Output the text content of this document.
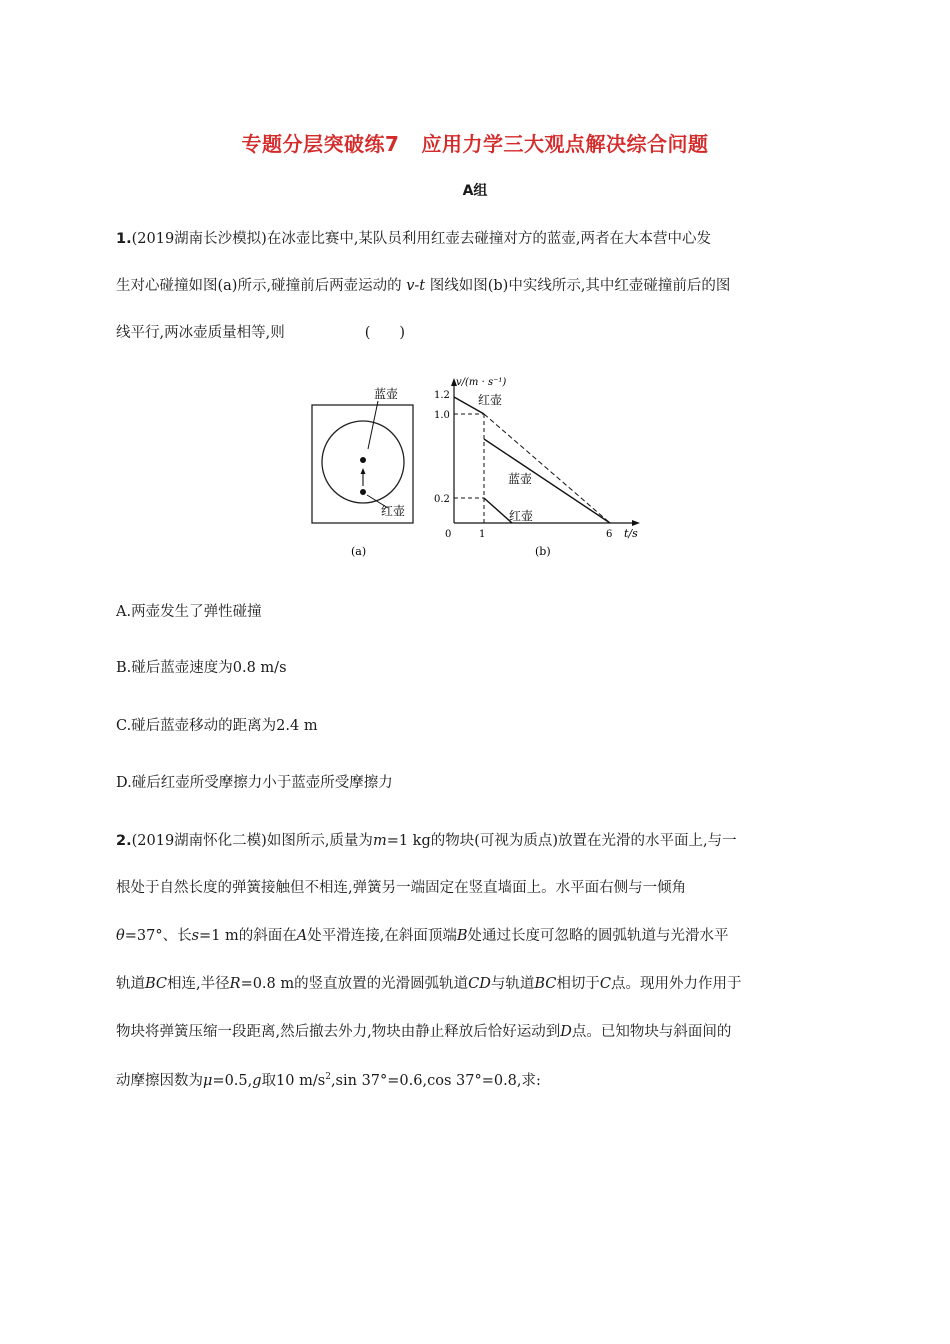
专题分层突破练7 应用力学三大观点解决综合问题
A组
1.(2019湖南长沙模拟)在冰壶比赛中,某队员利用红壶去碰撞对方的蓝壶,两者在大本营中心发
生对心碰撞如图(a)所示,碰撞前后两壶运动的 v-t 图线如图(b)中实线所示,其中红壶碰撞前后的图
线平行,两冰壶质量相等,则	(　　)
蓝壶
红壶
(a)
v/(m · s⁻¹)
t/s
1.2
1.0
0.2
0	1	6
红壶
蓝壶
红壶
(b)
A.两壶发生了弹性碰撞
B.碰后蓝壶速度为0.8 m/s
C.碰后蓝壶移动的距离为2.4 m
D.碰后红壶所受摩擦力小于蓝壶所受摩擦力
2.(2019湖南怀化二模)如图所示,质量为m=1 kg的物块(可视为质点)放置在光滑的水平面上,与一
根处于自然长度的弹簧接触但不相连,弹簧另一端固定在竖直墙面上。水平面右侧与一倾角
θ=37°、长s=1 m的斜面在A处平滑连接,在斜面顶端B处通过长度可忽略的圆弧轨道与光滑水平
轨道BC相连,半径R=0.8 m的竖直放置的光滑圆弧轨道CD与轨道BC相切于C点。现用外力作用于
物块将弹簧压缩一段距离,然后撤去外力,物块由静止释放后恰好运动到D点。已知物块与斜面间的
动摩擦因数为μ=0.5,g取10 $m/s^2,\sin$ 37°=0.6,cos 37°=0.8,求:
